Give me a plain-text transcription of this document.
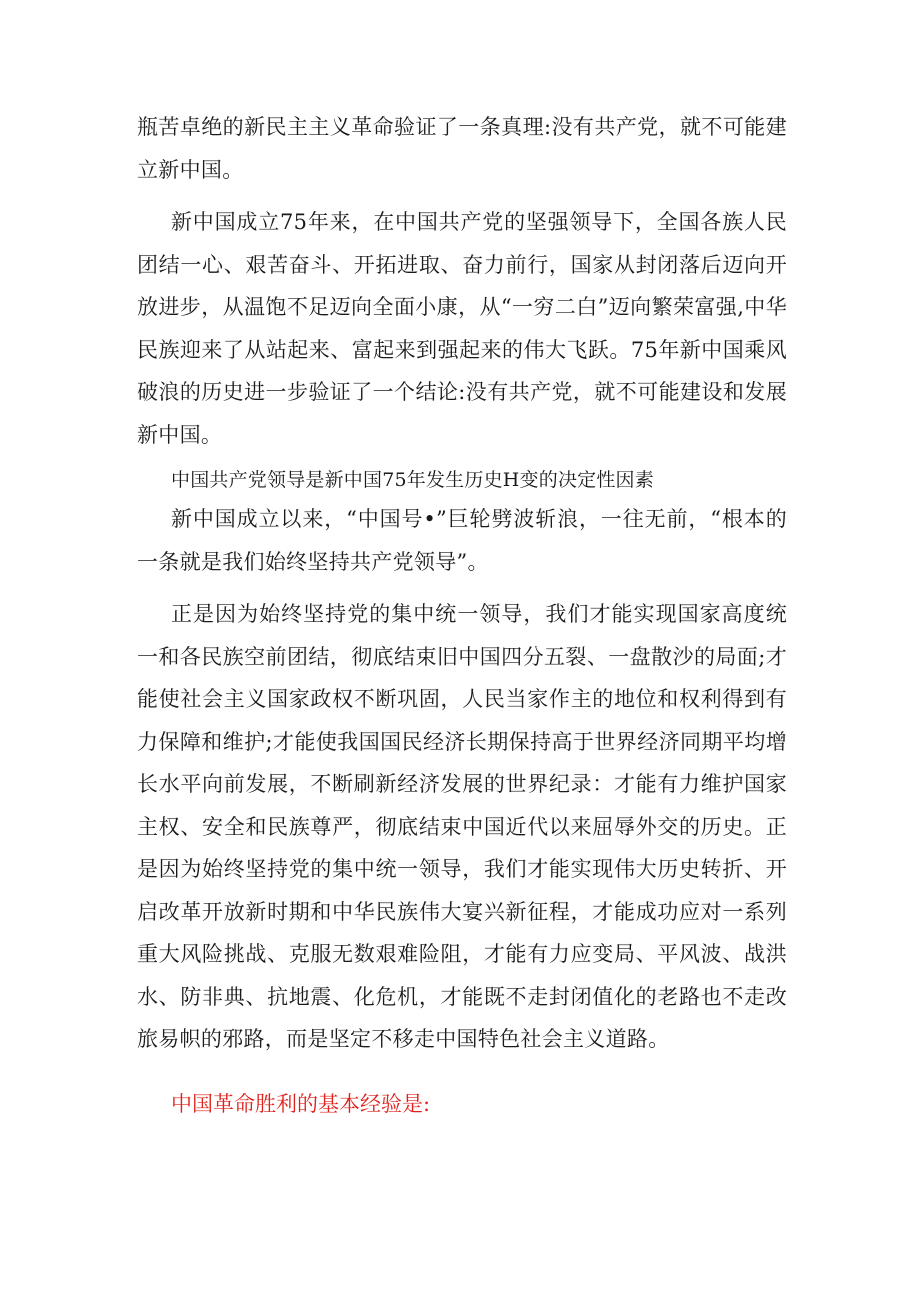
瓶苦卓绝的新民主主义革命验证了一条真理:没有共产党，就不可能建立新中国。

新中国成立75年来，在中国共产党的坚强领导下，全国各族人民团结一心、艰苦奋斗、开拓进取、奋力前行，国家从封闭落后迈向开放进步，从温饱不足迈向全面小康，从“一穷二白”迈向繁荣富强,中华民族迎来了从站起来、富起来到强起来的伟大飞跃。75年新中国乘风破浪的历史进一步验证了一个结论:没有共产党，就不可能建设和发展新中国。

中国共产党领导是新中国75年发生历史H变的决定性因素

新中国成立以来，“中国号•”巨轮劈波斩浪，一往无前，“根本的一条就是我们始终坚持共产党领导”。

正是因为始终坚持党的集中统一领导，我们才能实现国家高度统一和各民族空前团结，彻底结束旧中国四分五裂、一盘散沙的局面;才能使社会主义国家政权不断巩固，人民当家作主的地位和权利得到有力保障和维护;才能使我国国民经济长期保持高于世界经济同期平均增长水平向前发展，不断刷新经济发展的世界纪录：才能有力维护国家主权、安全和民族尊严，彻底结束中国近代以来屈辱外交的历史。正是因为始终坚持党的集中统一领导，我们才能实现伟大历史转折、开启改革开放新时期和中华民族伟大宴兴新征程，才能成功应对一系列重大风险挑战、克服无数艰难险阻，才能有力应变局、平风波、战洪水、防非典、抗地震、化危机，才能既不走封闭值化的老路也不走改旅易帜的邪路，而是坚定不移走中国特色社会主义道路。

中国革命胜利的基本经验是:
